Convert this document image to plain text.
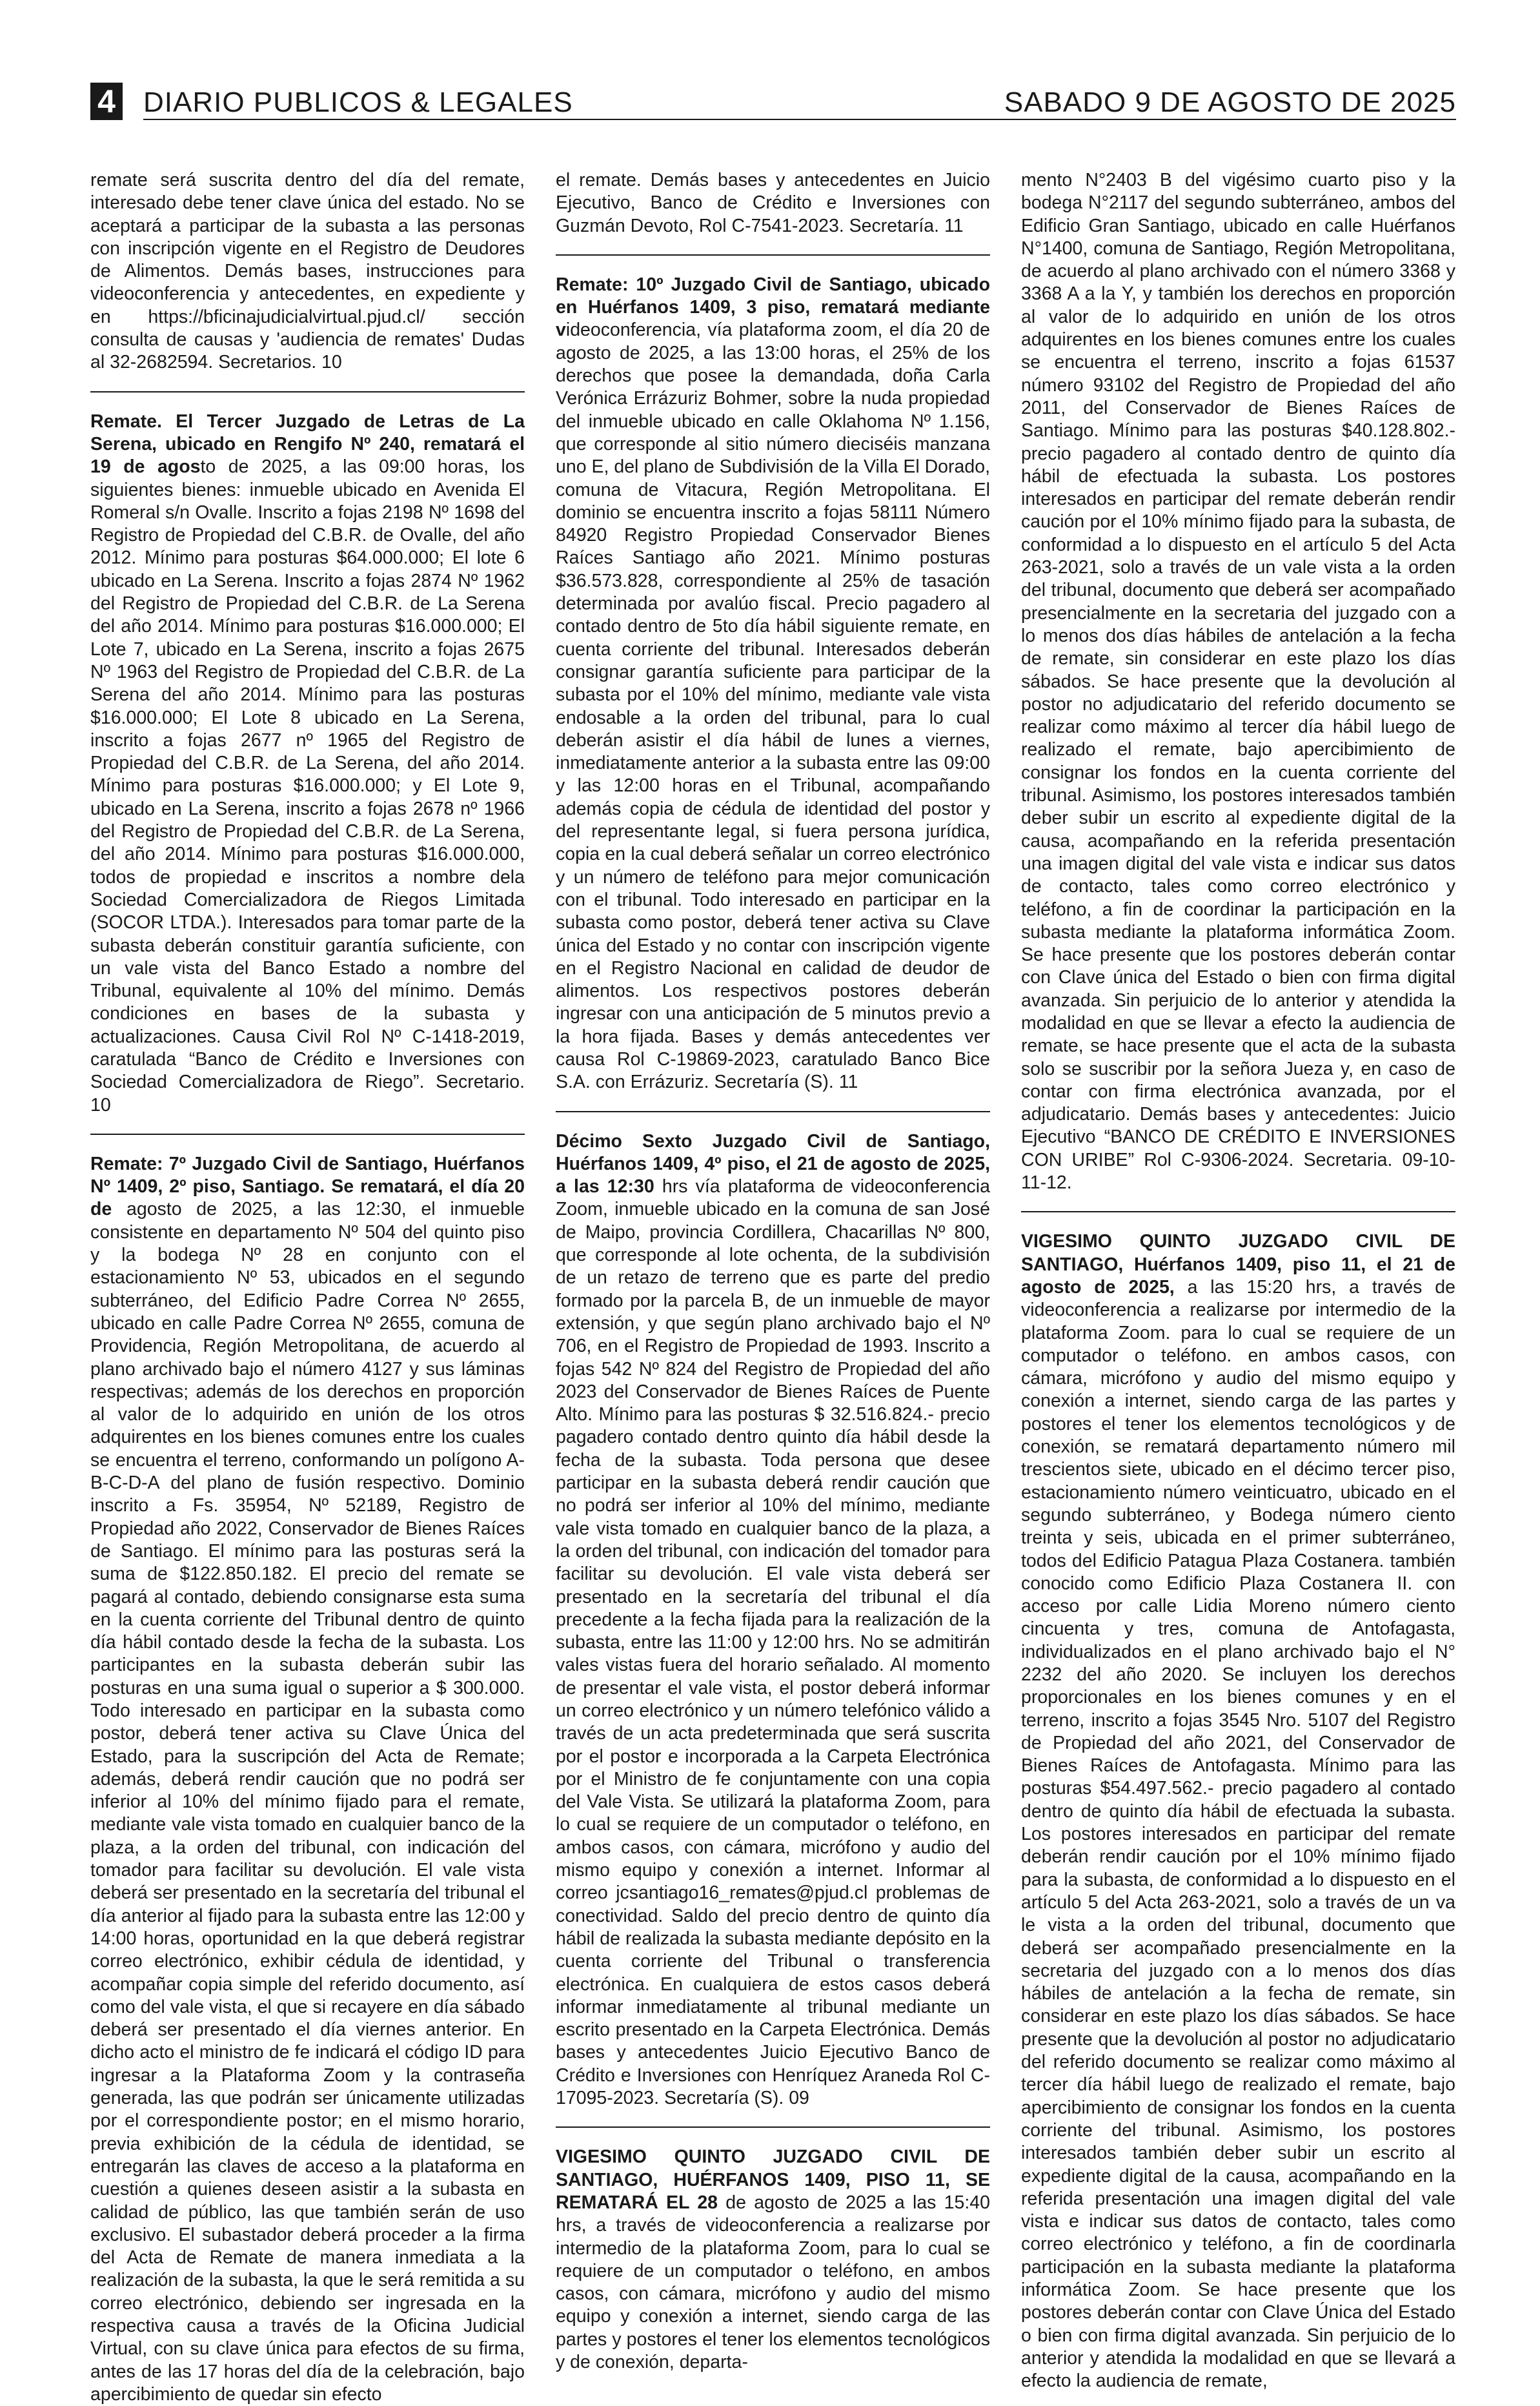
4 DIARIO PUBLICOS & LEGALES	SABADO 9 DE AGOSTO DE 2025

remate será suscrita dentro del día del remate, interesado debe tener clave única del estado. No se aceptará a participar de la subasta a las personas con inscripción vigente en el Registro de Deudores de Alimentos. Demás bases, instrucciones para videoconferencia y antecedentes, en expediente y en https://bficinajudicialvirtual.pjud.cl/ sección consulta de causas y 'audiencia de remates' Dudas al 32-2682594. Secretarios. 10

Remate. El Tercer Juzgado de Letras de La Serena, ubicado en Rengifo Nº 240, rematará el 19 de agosto de 2025, a las 09:00 horas, los siguientes bienes: inmueble ubicado en Avenida El Romeral s/n Ovalle. Inscrito a fojas 2198 Nº 1698 del Registro de Propiedad del C.B.R. de Ovalle, del año 2012. Mínimo para posturas $64.000.000; El lote 6 ubicado en La Serena. Inscrito a fojas 2874 Nº 1962 del Registro de Propiedad del C.B.R. de La Serena del año 2014. Mínimo para posturas $16.000.000; El Lote 7, ubicado en La Serena, inscrito a fojas 2675 Nº 1963 del Registro de Propiedad del C.B.R. de La Serena del año 2014. Mínimo para las posturas $16.000.000; El Lote 8 ubicado en La Serena, inscrito a fojas 2677 nº 1965 del Registro de Propiedad del C.B.R. de La Serena, del año 2014. Mínimo para posturas $16.000.000; y El Lote 9, ubicado en La Serena, inscrito a fojas 2678 nº 1966 del Registro de Propiedad del C.B.R. de La Serena, del año 2014. Mínimo para posturas $16.000.000, todos de propiedad e inscritos a nombre dela Sociedad Comercializadora de Riegos Limitada (SOCOR LTDA.). Interesados para tomar parte de la subasta deberán constituir garantía suficiente, con un vale vista del Banco Estado a nombre del Tribunal, equivalente al 10% del mínimo. Demás condiciones en bases de la subasta y actualizaciones. Causa Civil Rol Nº C-1418-2019, caratulada “Banco de Crédito e Inversiones con Sociedad Comercializadora de Riego”. Secretario. 10

Remate: 7º Juzgado Civil de Santiago, Huérfanos Nº 1409, 2º piso, Santiago. Se rematará, el día 20 de agosto de 2025, a las 12:30, el inmueble consistente en departamento Nº 504 del quinto piso y la bodega Nº 28 en conjunto con el estacionamiento Nº 53, ubicados en el segundo subterráneo, del Edificio Padre Correa Nº 2655, ubicado en calle Padre Correa Nº 2655, comuna de Providencia, Región Metropolitana, de acuerdo al plano archivado bajo el número 4127 y sus láminas respectivas; además de los derechos en proporción al valor de lo adquirido en unión de los otros adquirentes en los bienes comunes entre los cuales se encuentra el terreno, conformando un polígono A-B-C-D-A del plano de fusión respectivo. Dominio inscrito a Fs. 35954, Nº 52189, Registro de Propiedad año 2022, Conservador de Bienes Raíces de Santiago. El mínimo para las posturas será la suma de $122.850.182. El precio del remate se pagará al contado, debiendo consignarse esta suma en la cuenta corriente del Tribunal dentro de quinto día hábil contado desde la fecha de la subasta. Los participantes en la subasta deberán subir las posturas en una suma igual o superior a $ 300.000. Todo interesado en participar en la subasta como postor, deberá tener activa su Clave Única del Estado, para la suscripción del Acta de Remate; además, deberá rendir caución que no podrá ser inferior al 10% del mínimo fijado para el remate, mediante vale vista tomado en cualquier banco de la plaza, a la orden del tribunal, con indicación del tomador para facilitar su devolución. El vale vista deberá ser presentado en la secretaría del tribunal el día anterior al fijado para la subasta entre las 12:00 y 14:00 horas, oportunidad en la que deberá registrar correo electrónico, exhibir cédula de identidad, y acompañar copia simple del referido documento, así como del vale vista, el que si recayere en día sábado deberá ser presentado el día viernes anterior. En dicho acto el ministro de fe indicará el código ID para ingresar a la Plataforma Zoom y la contraseña generada, las que podrán ser únicamente utilizadas por el correspondiente postor; en el mismo horario, previa exhibición de la cédula de identidad, se entregarán las claves de acceso a la plataforma en cuestión a quienes deseen asistir a la subasta en calidad de público, las que también serán de uso exclusivo. El subastador deberá proceder a la firma del Acta de Remate de manera inmediata a la realización de la subasta, la que le será remitida a su correo electrónico, debiendo ser ingresada en la respectiva causa a través de la Oficina Judicial Virtual, con su clave única para efectos de su firma, antes de las 17 horas del día de la celebración, bajo apercibimiento de quedar sin efecto

el remate. Demás bases y antecedentes en Juicio Ejecutivo, Banco de Crédito e Inversiones con Guzmán Devoto, Rol C-7541-2023. Secretaría. 11

Remate: 10º Juzgado Civil de Santiago, ubicado en Huérfanos 1409, 3 piso, rematará mediante videoconferencia, vía plataforma zoom, el día 20 de agosto de 2025, a las 13:00 horas, el 25% de los derechos que posee la demandada, doña Carla Verónica Errázuriz Bohmer, sobre la nuda propiedad del inmueble ubicado en calle Oklahoma Nº 1.156, que corresponde al sitio número dieciséis manzana uno E, del plano de Subdivisión de la Villa El Dorado, comuna de Vitacura, Región Metropolitana. El dominio se encuentra inscrito a fojas 58111 Número 84920 Registro Propiedad Conservador Bienes Raíces Santiago año 2021. Mínimo posturas $36.573.828, correspondiente al 25% de tasación determinada por avalúo fiscal. Precio pagadero al contado dentro de 5to día hábil siguiente remate, en cuenta corriente del tribunal. Interesados deberán consignar garantía suficiente para participar de la subasta por el 10% del mínimo, mediante vale vista endosable a la orden del tribunal, para lo cual deberán asistir el día hábil de lunes a viernes, inmediatamente anterior a la subasta entre las 09:00 y las 12:00 horas en el Tribunal, acompañando además copia de cédula de identidad del postor y del representante legal, si fuera persona jurídica, copia en la cual deberá señalar un correo electrónico y un número de teléfono para mejor comunicación con el tribunal. Todo interesado en participar en la subasta como postor, deberá tener activa su Clave única del Estado y no contar con inscripción vigente en el Registro Nacional en calidad de deudor de alimentos. Los respectivos postores deberán ingresar con una anticipación de 5 minutos previo a la hora fijada. Bases y demás antecedentes ver causa Rol C-19869-2023, caratulado Banco Bice S.A. con Errázuriz. Secretaría (S). 11

Décimo Sexto Juzgado Civil de Santiago, Huérfanos 1409, 4º piso, el 21 de agosto de 2025, a las 12:30 hrs vía plataforma de videoconferencia Zoom, inmueble ubicado en la comuna de san José de Maipo, provincia Cordillera, Chacarillas Nº 800, que corresponde al lote ochenta, de la subdivisión de un retazo de terreno que es parte del predio formado por la parcela B, de un inmueble de mayor extensión, y que según plano archivado bajo el Nº 706, en el Registro de Propiedad de 1993. Inscrito a fojas 542 Nº 824 del Registro de Propiedad del año 2023 del Conservador de Bienes Raíces de Puente Alto. Mínimo para las posturas $ 32.516.824.- precio pagadero contado dentro quinto día hábil desde la fecha de la subasta. Toda persona que desee participar en la subasta deberá rendir caución que no podrá ser inferior al 10% del mínimo, mediante vale vista tomado en cualquier banco de la plaza, a la orden del tribunal, con indicación del tomador para facilitar su devolución. El vale vista deberá ser presentado en la secretaría del tribunal el día precedente a la fecha fijada para la realización de la subasta, entre las 11:00 y 12:00 hrs. No se admitirán vales vistas fuera del horario señalado. Al momento de presentar el vale vista, el postor deberá informar un correo electrónico y un número telefónico válido a través de un acta predeterminada que será suscrita por el postor e incorporada a la Carpeta Electrónica por el Ministro de fe conjuntamente con una copia del Vale Vista. Se utilizará la plataforma Zoom, para lo cual se requiere de un computador o teléfono, en ambos casos, con cámara, micrófono y audio del mismo equipo y conexión a internet. Informar al correo jcsantiago16_remates@pjud.cl problemas de conectividad. Saldo del precio dentro de quinto día hábil de realizada la subasta mediante depósito en la cuenta corriente del Tribunal o transferencia electrónica. En cualquiera de estos casos deberá informar inmediatamente al tribunal mediante un escrito presentado en la Carpeta Electrónica. Demás bases y antecedentes Juicio Ejecutivo Banco de Crédito e Inversiones con Henríquez Araneda Rol C-17095-2023. Secretaría (S). 09

VIGESIMO QUINTO JUZGADO CIVIL DE SANTIAGO, HUÉRFANOS 1409, PISO 11, SE REMATARÁ EL 28 de agosto de 2025 a las 15:40 hrs, a través de videoconferencia a realizarse por intermedio de la plataforma Zoom, para lo cual se requiere de un computador o teléfono, en ambos casos, con cámara, micrófono y audio del mismo equipo y conexión a internet, siendo carga de las partes y postores el tener los elementos tecnológicos y de conexión, departa-

mento N°2403 B del vigésimo cuarto piso y la bodega N°2117 del segundo subterráneo, ambos del Edificio Gran Santiago, ubicado en calle Huérfanos N°1400, comuna de Santiago, Región Metropolitana, de acuerdo al plano archivado con el número 3368 y 3368 A a la Y, y también los derechos en proporción al valor de lo adquirido en unión de los otros adquirentes en los bienes comunes entre los cuales se encuentra el terreno, inscrito a fojas 61537 número 93102 del Registro de Propiedad del año 2011, del Conservador de Bienes Raíces de Santiago. Mínimo para las posturas $40.128.802.-precio pagadero al contado dentro de quinto día hábil de efectuada la subasta. Los postores interesados en participar del remate deberán rendir caución por el 10% mínimo fijado para la subasta, de conformidad a lo dispuesto en el artículo 5 del Acta 263-2021, solo a través de un vale vista a la orden del tribunal, documento que deberá ser acompañado presencialmente en la secretaria del juzgado con a lo menos dos días hábiles de antelación a la fecha de remate, sin considerar en este plazo los días sábados. Se hace presente que la devolución al postor no adjudicatario del referido documento se realizar como máximo al tercer día hábil luego de realizado el remate, bajo apercibimiento de consignar los fondos en la cuenta corriente del tribunal. Asimismo, los postores interesados también deber subir un escrito al expediente digital de la causa, acompañando en la referida presentación una imagen digital del vale vista e indicar sus datos de contacto, tales como correo electrónico y teléfono, a fin de coordinar la participación en la subasta mediante la plataforma informática Zoom. Se hace presente que los postores deberán contar con Clave única del Estado o bien con firma digital avanzada. Sin perjuicio de lo anterior y atendida la modalidad en que se llevar a efecto la audiencia de remate, se hace presente que el acta de la subasta solo se suscribir por la señora Jueza y, en caso de contar con firma electrónica avanzada, por el adjudicatario. Demás bases y antecedentes: Juicio Ejecutivo “BANCO DE CRÉDITO E INVERSIONES CON URIBE” Rol C-9306-2024. Secretaria. 09-10-11-12.

VIGESIMO QUINTO JUZGADO CIVIL DE SANTIAGO, Huérfanos 1409, piso 11, el 21 de agosto de 2025, a las 15:20 hrs, a través de videoconferencia a realizarse por intermedio de la plataforma Zoom. para lo cual se requiere de un computador o teléfono. en ambos casos, con cámara, micrófono y audio del mismo equipo y conexión a internet, siendo carga de las partes y postores el tener los elementos tecnológicos y de conexión, se rematará departamento número mil trescientos siete, ubicado en el décimo tercer piso, estacionamiento número veinticuatro, ubicado en el segundo subterráneo, y Bodega número ciento treinta y seis, ubicada en el primer subterráneo, todos del Edificio Patagua Plaza Costanera. también conocido como Edificio Plaza Costanera II. con acceso por calle Lidia Moreno número ciento cincuenta y tres, comuna de Antofagasta, individualizados en el plano archivado bajo el N° 2232 del año 2020. Se incluyen los derechos proporcionales en los bienes comunes y en el terreno, inscrito a fojas 3545 Nro. 5107 del Registro de Propiedad del año 2021, del Conservador de Bienes Raíces de Antofagasta. Mínimo para las posturas $54.497.562.- precio pagadero al contado dentro de quinto día hábil de efectuada la subasta. Los postores interesados en participar del remate deberán rendir caución por el 10% mínimo fijado para la subasta, de conformidad a lo dispuesto en el artículo 5 del Acta 263-2021, solo a través de un va le vista a la orden del tribunal, documento que deberá ser acompañado presencialmente en la secretaria del juzgado con a lo menos dos días hábiles de antelación a la fecha de remate, sin considerar en este plazo los días sábados. Se hace presente que la devolución al postor no adjudicatario del referido documento se realizar como máximo al tercer día hábil luego de realizado el remate, bajo apercibimiento de consignar los fondos en la cuenta corriente del tribunal. Asimismo, los postores interesados también deber subir un escrito al expediente digital de la causa, acompañando en la referida presentación una imagen digital del vale vista e indicar sus datos de contacto, tales como correo electrónico y teléfono, a fin de coordinarla participación en la subasta mediante la plataforma informática Zoom. Se hace presente que los postores deberán contar con Clave Única del Estado o bien con firma digital avanzada. Sin perjuicio de lo anterior y atendida la modalidad en que se llevará a efecto la audiencia de remate,
